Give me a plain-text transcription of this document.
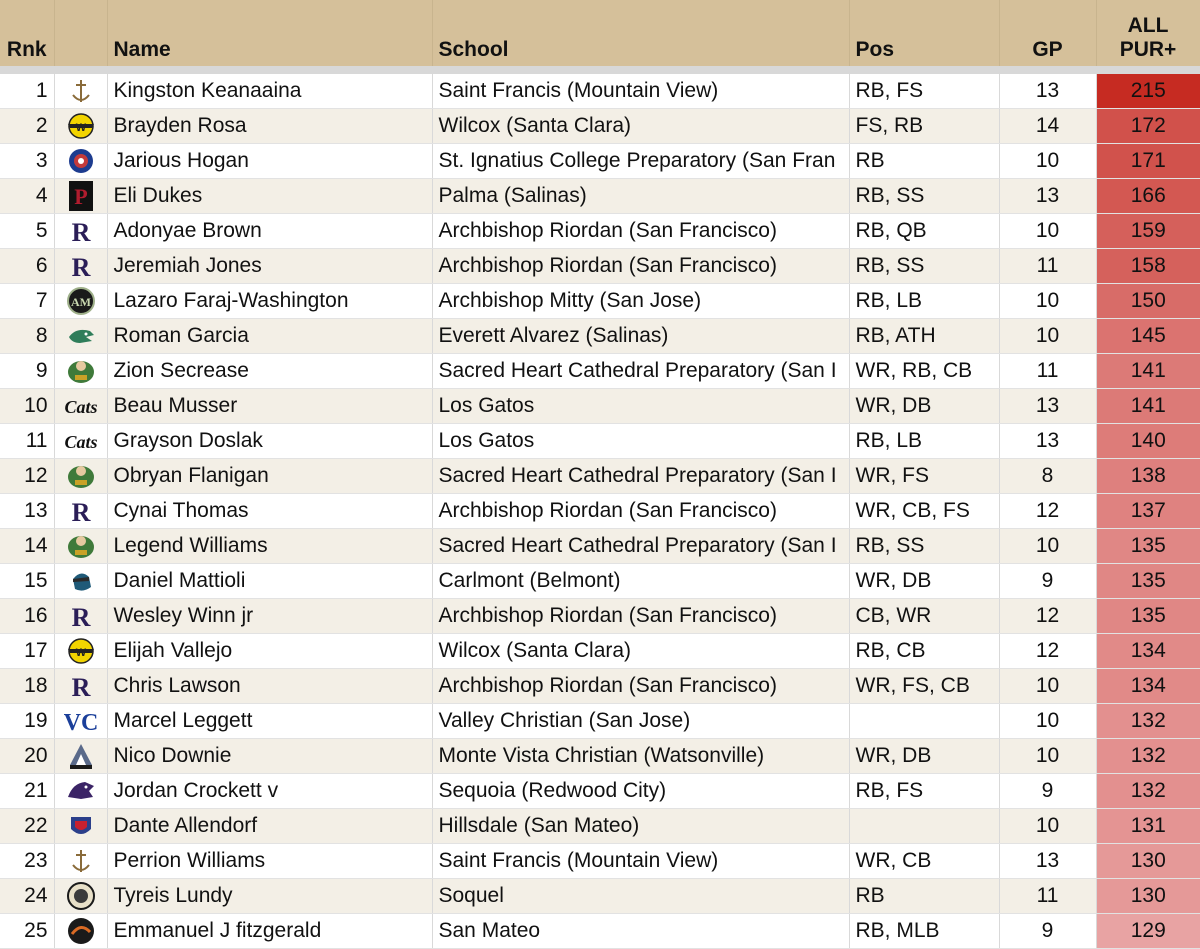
Rnk		Name	School	Pos	GP	ALL
PUR+

1		Kingston Keanaaina	Saint Francis (Mountain View)	RB, FS	13	215
2	W	Brayden Rosa	Wilcox (Santa Clara)	FS, RB	14	172
3		Jarious Hogan	St. Ignatius College Preparatory (San Fran	RB	10	171
4	P	Eli Dukes	Palma (Salinas)	RB, SS	13	166
5	R	Adonyae Brown	Archbishop Riordan (San Francisco)	RB, QB	10	159
6	R	Jeremiah Jones	Archbishop Riordan (San Francisco)	RB, SS	11	158
7	AM	Lazaro Faraj-Washington	Archbishop Mitty (San Jose)	RB, LB	10	150
8		Roman Garcia	Everett Alvarez (Salinas)	RB, ATH	10	145
9		Zion Secrease	Sacred Heart Cathedral Preparatory (San I	WR, RB, CB	11	141
10	Cats	Beau Musser	Los Gatos	WR, DB	13	141
11	Cats	Grayson Doslak	Los Gatos	RB, LB	13	140
12		Obryan Flanigan	Sacred Heart Cathedral Preparatory (San I	WR, FS	8	138
13	R	Cynai Thomas	Archbishop Riordan (San Francisco)	WR, CB, FS	12	137
14		Legend Williams	Sacred Heart Cathedral Preparatory (San I	RB, SS	10	135
15		Daniel Mattioli	Carlmont (Belmont)	WR, DB	9	135
16	R	Wesley Winn jr	Archbishop Riordan (San Francisco)	CB, WR	12	135
17	W	Elijah Vallejo	Wilcox (Santa Clara)	RB, CB	12	134
18	R	Chris Lawson	Archbishop Riordan (San Francisco)	WR, FS, CB	10	134
19	VC	Marcel Leggett	Valley Christian (San Jose)		10	132
20		Nico Downie	Monte Vista Christian (Watsonville)	WR, DB	10	132
21		Jordan Crockett v	Sequoia (Redwood City)	RB, FS	9	132
22		Dante Allendorf	Hillsdale (San Mateo)		10	131
23		Perrion Williams	Saint Francis (Mountain View)	WR, CB	13	130
24		Tyreis Lundy	Soquel	RB	11	130
25		Emmanuel J fitzgerald	San Mateo	RB, MLB	9	129
